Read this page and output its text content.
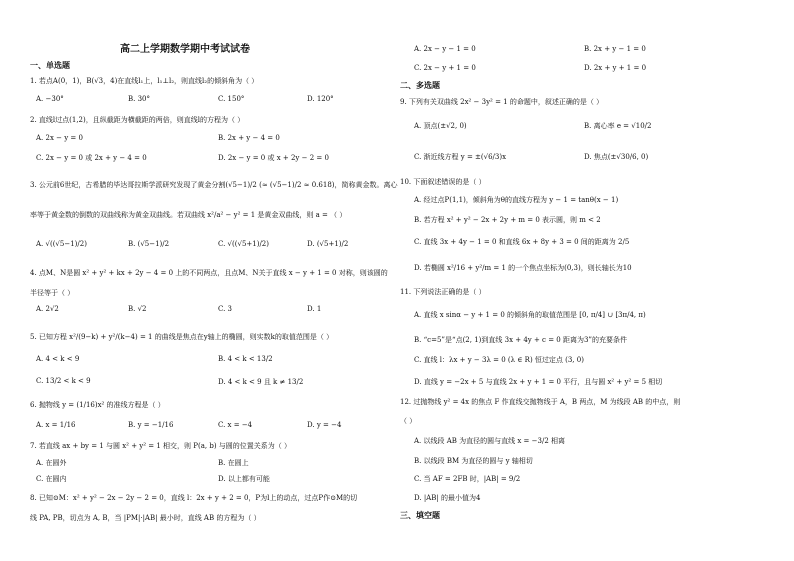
高二上学期数学期中考试试卷
一、单选题
1. 若点A(0，1)，B(√3，4)在直线l₁上，l₁⊥l₂，则直线l₂的倾斜角为（ ）
A. −30°	B. 30°	C. 150°	D. 120°
2. 直线l过点(1,2)，且纵截距为横截距的两倍，则直线l的方程为（ ）
A. 2x − y = 0	B. 2x + y − 4 = 0
C. 2x − y = 0 或 2x + y − 4 = 0	D. 2x − y = 0 或 x + 2y − 2 = 0
3. 公元前6世纪，古希腊的毕达哥拉斯学派研究发现了黄金分割(√5−1)/2 (≈ (√5−1)/2 ≈ 0.618)，简称黄金数。离心
率等于黄金数的倒数的双曲线称为黄金双曲线。若双曲线 x²/a² − y² = 1 是黄金双曲线，则 a = （ ）
A. √((√5−1)/2)	B. (√5−1)/2	C. √((√5+1)/2)	D. (√5+1)/2
4. 点M、N是圆 x² + y² + kx + 2y − 4 = 0 上的不同两点，且点M、N关于直线 x − y + 1 = 0 对称，则该圆的
半径等于（ ）
A. 2√2	B. √2	C. 3	D. 1
5. 已知方程 x²/(9−k) + y²/(k−4) = 1 的曲线是焦点在y轴上的椭圆，则实数k的取值范围是（ ）
A. 4 < k < 9	B. 4 < k < 13/2
C. 13/2 < k < 9	D. 4 < k < 9 且 k ≠ 13/2
6. 抛物线 y = (1/16)x² 的准线方程是（ ）
A. x = 1/16	B. y = −1/16	C. x = −4	D. y = −4
7. 若直线 ax + by = 1 与圆 x² + y² = 1 相交，则 P(a, b) 与圆的位置关系为（ ）
A. 在圆外	B. 在圆上
C. 在圆内	D. 以上都有可能
8. 已知⊙M：x² + y² − 2x − 2y − 2 = 0，直线 l：2x + y + 2 = 0，P为l上的动点，过点P作⊙M的切
线 PA, PB，切点为 A, B，当 |PM|·|AB| 最小时，直线 AB 的方程为（ ）
A. 2x − y − 1 = 0	B. 2x + y − 1 = 0
C. 2x − y + 1 = 0	D. 2x + y + 1 = 0
二、多选题
9. 下列有关双曲线 2x² − 3y² = 1 的命题中，叙述正确的是（ ）
A. 顶点(±√2, 0)	B. 离心率 e = √10/2
C. 渐近线方程 y = ±(√6/3)x	D. 焦点(±√30/6, 0)
10. 下面叙述错误的是（ ）
A. 经过点P(1,1)，倾斜角为θ的直线方程为 y − 1 = tanθ(x − 1)
B. 若方程 x² + y² − 2x + 2y + m = 0 表示圆，则 m < 2
C. 直线 3x + 4y − 1 = 0 和直线 6x + 8y + 3 = 0 间的距离为 2/5
D. 若椭圆 x²/16 + y²/m = 1 的一个焦点坐标为(0,3)，则长轴长为10
11. 下列说法正确的是（ ）
A. 直线 x sinα − y + 1 = 0 的倾斜角的取值范围是 [0, π/4] ∪ [3π/4, π)
B. “c=5”是“点(2, 1)到直线 3x + 4y + c = 0 距离为3”的充要条件
C. 直线 l：λx + y − 3λ = 0 (λ ∈ R) 恒过定点 (3, 0)
D. 直线 y = −2x + 5 与直线 2x + y + 1 = 0 平行，且与圆 x² + y² = 5 相切
12. 过抛物线 y² = 4x 的焦点 F 作直线交抛物线于 A，B 两点，M 为线段 AB 的中点，则
（ ）
A. 以线段 AB 为直径的圆与直线 x = −3/2 相离
B. 以线段 BM 为直径的圆与 y 轴相切
C. 当 AF = 2FB 时，|AB| = 9/2
D. |AB| 的最小值为4
三、填空题
